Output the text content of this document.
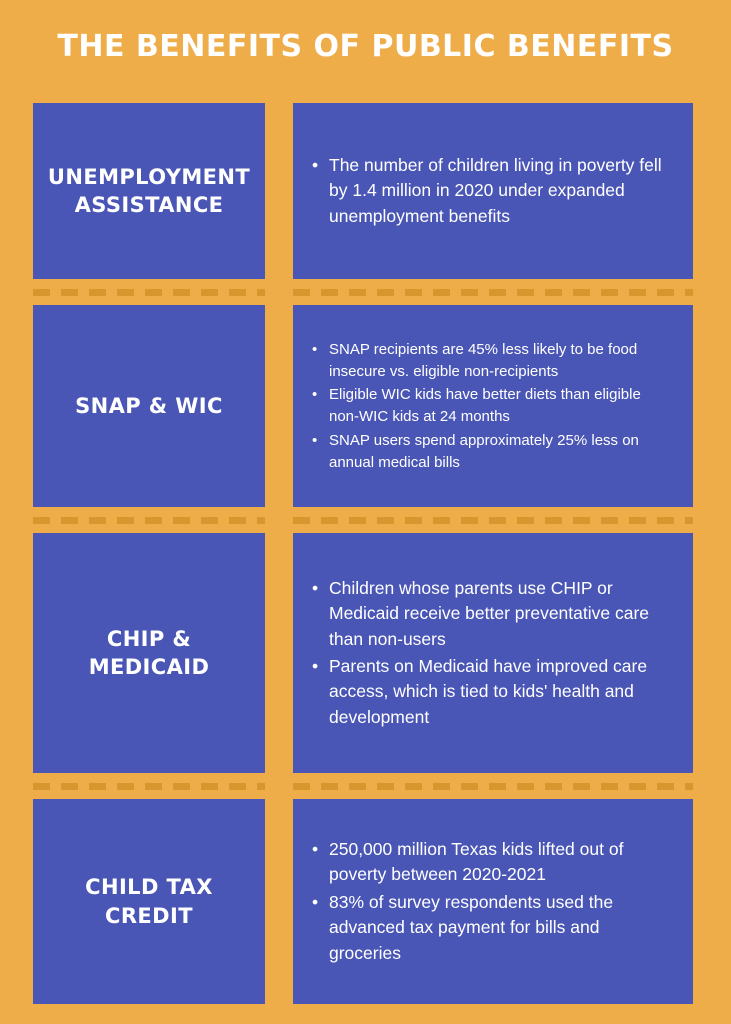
THE BENEFITS OF PUBLIC BENEFITS
UNEMPLOYMENT ASSISTANCE
• The number of children living in poverty fell by 1.4 million in 2020 under expanded unemployment benefits
SNAP & WIC
• SNAP recipients are 45% less likely to be food insecure vs. eligible non-recipients
• Eligible WIC kids have better diets than eligible non-WIC kids at 24 months
• SNAP users spend approximately 25% less on annual medical bills
CHIP & MEDICAID
• Children whose parents use CHIP or Medicaid receive better preventative care than non-users
• Parents on Medicaid have improved care access, which is tied to kids' health and development
CHILD TAX CREDIT
• 250,000 million Texas kids lifted out of poverty between 2020-2021
• 83% of survey respondents used the advanced tax payment for bills and groceries
